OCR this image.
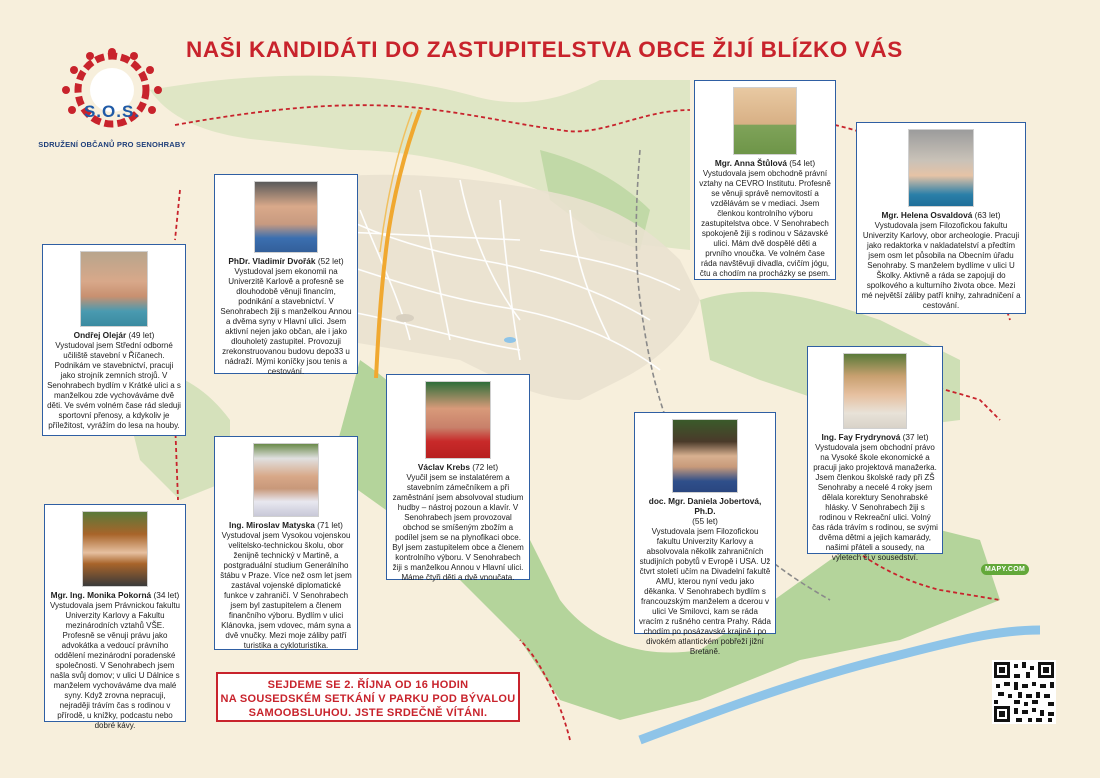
S.O.S.
SDRUŽENÍ OBČANŮ PRO SENOHRABY
NAŠI KANDIDÁTI DO ZASTUPITELSTVA OBCE ŽIJÍ BLÍZKO VÁS
Mgr. Anna Štůlová (54 let)
Vystudovala jsem obchodně právní vztahy na CEVRO Institutu. Profesně se věnuji správě nemovitostí a vzdělávám se v mediaci. Jsem členkou kontrolního výboru zastupitelstva obce. V Senohrabech spokojeně žiji s rodinou v Sázavské ulici. Mám dvě dospělé děti a prvního vnoučka. Ve volném čase ráda navštěvuji divadla, cvičím jógu, čtu a chodím na procházky se psem.
Mgr. Helena Osvaldová (63 let)
Vystudovala jsem Filozofickou fakultu Univerzity Karlovy, obor archeologie. Pracuji jako redaktorka v nakladatelství a předtím jsem osm let působila na Obecním úřadu Senohraby. S manželem bydlíme v ulici U Školky. Aktivně a ráda se zapojuji do spolkového a kulturního života obce. Mezi mé největší záliby patří knihy, zahradničení a cestování.
PhDr. Vladimír Dvořák (52 let)
Vystudoval jsem ekonomii na Univerzitě Karlově a profesně se dlouhodobě věnuji financím, podnikání a stavebnictví. V Senohrabech žiji s manželkou Annou a dvěma syny v Hlavní ulici. Jsem aktivní nejen jako občan, ale i jako dlouholetý zastupitel. Provozuji zrekonstruovanou budovu depo33 u nádraží. Mými koníčky jsou tenis a cestování.
Ondřej Olejár (49 let)
Vystudoval jsem Střední odborné učiliště stavební v Říčanech. Podnikám ve stavebnictví, pracuji jako strojník zemních strojů. V Senohrabech bydlím v Krátké ulici a s manželkou zde vychováváme dvě děti. Ve svém volném čase rád sleduji sportovní přenosy, a kdykoliv je příležitost, vyrážím do lesa na houby.
Václav Krebs (72 let)
Vyučil jsem se instalatérem a stavebním zámečníkem a při zaměstnání jsem absolvoval studium hudby – nástroj pozoun a klavír. V Senohrabech jsem provozoval obchod se smíšeným zbožím a podílel jsem se na plynofikaci obce. Byl jsem zastupitelem obce a členem kontrolního výboru. V Senohrabech žiji s manželkou Annou v Hlavní ulici. Máme čtyři děti a dvě vnoučata.
Ing. Fay Frydrynová (37 let)
Vystudovala jsem obchodní právo na Vysoké škole ekonomické a pracuji jako projektová manažerka. Jsem členkou školské rady při ZŠ Senohraby a necelé 4 roky jsem dělala korektury Senohrabské hlásky. V Senohrabech žiji s rodinou v Rekreační ulici. Volný čas ráda trávím s rodinou, se svými dvěma dětmi a jejich kamarády, našimi přáteli a sousedy, na výletech či v sousedství.
doc. Mgr. Daniela Jobertová, Ph.D.
(55 let)
Vystudovala jsem Filozofickou fakultu Univerzity Karlovy a absolvovala několik zahraničních studijních pobytů v Evropě i USA. Už čtvrt století učím na Divadelní fakultě AMU, kterou nyní vedu jako děkanka. V Senohrabech bydlím s francouzským manželem a dcerou v ulici Ve Smilovci, kam se ráda vracím z rušného centra Prahy. Ráda chodím po posázavské krajině i po divokém atlantickém pobřeží jižní Bretaně.
Ing. Miroslav Matyska (71 let)
Vystudoval jsem Vysokou vojenskou velitelsko-technickou školu, obor ženijně technický v Martině, a postgraduální studium Generálního štábu v Praze. Více než osm let jsem zastával vojenské diplomatické funkce v zahraničí. V Senohrabech jsem byl zastupitelem a členem finančního výboru. Bydlím v ulici Klánovka, jsem vdovec, mám syna a dvě vnučky. Mezi moje záliby patří turistika a cykloturistika.
Mgr. Ing. Monika Pokorná (34 let)
Vystudovala jsem Právnickou fakultu Univerzity Karlovy a Fakultu mezinárodních vztahů VŠE. Profesně se věnuji právu jako advokátka a vedoucí právního oddělení mezinárodní poradenské společnosti. V Senohrabech jsem našla svůj domov; v ulici U Dálnice s manželem vychováváme dva malé syny. Když zrovna nepracuji, nejraději trávím čas s rodinou v přírodě, u knížky, podcastu nebo dobré kávy.
SEJDEME SE 2. ŘÍJNA OD 16 HODIN
NA SOUSEDSKÉM SETKÁNÍ V PARKU POD BÝVALOU
SAMOOBSLUHOU. JSTE SRDEČNĚ VÍTÁNI.
MAPY.COM
